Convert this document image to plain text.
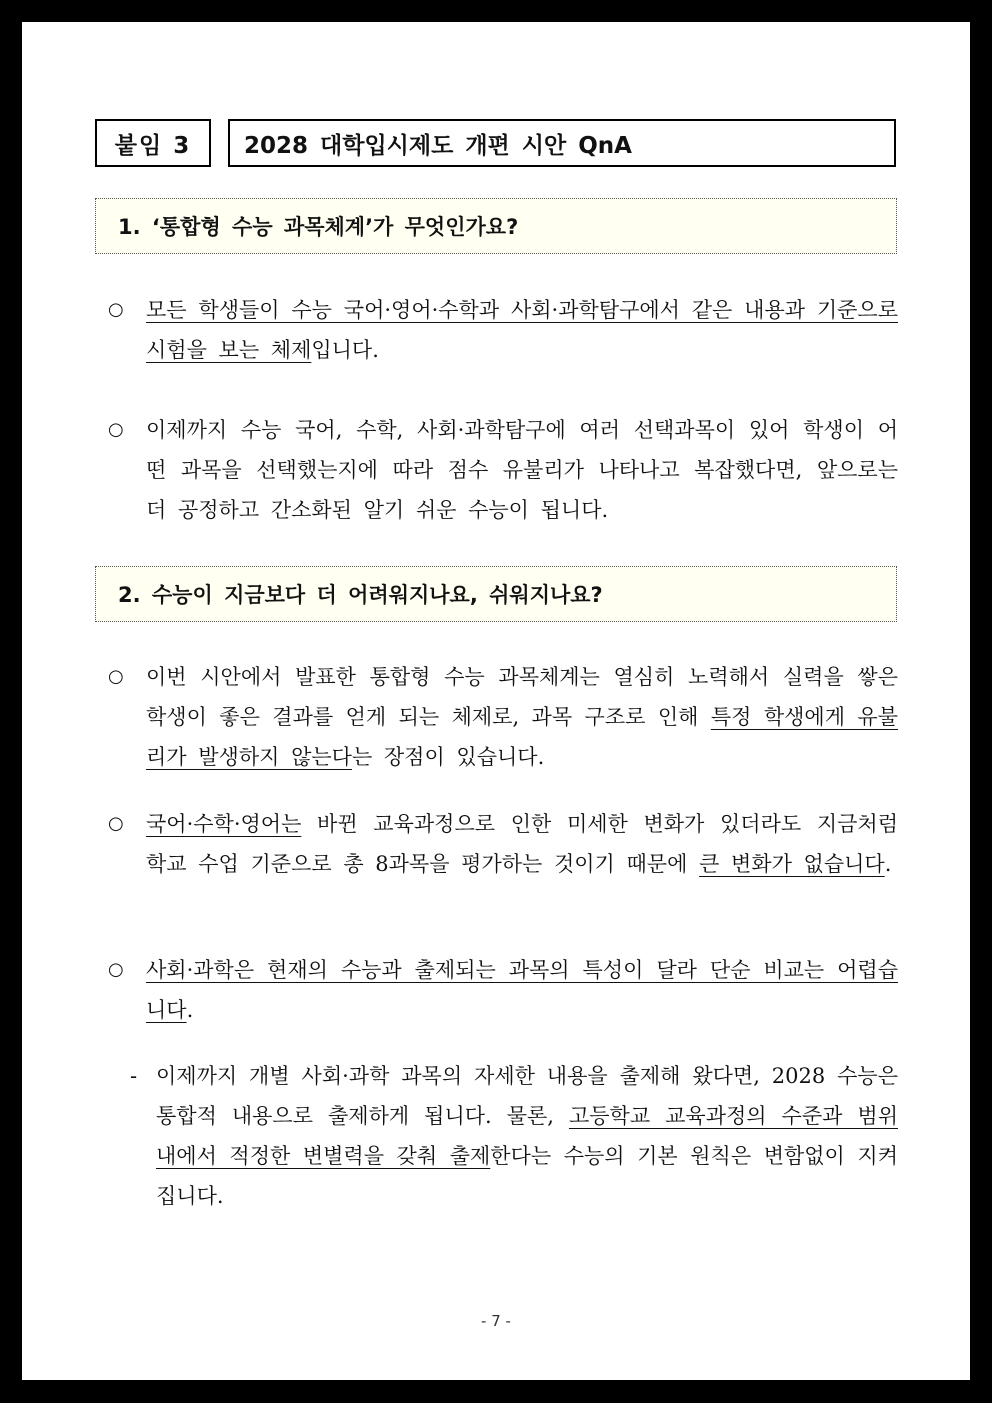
붙임 3	2028 대학입시제도 개편 시안 QnA
1. ‘통합형 수능 과목체계’가 무엇인가요?
○ 모든 학생들이 수능 국어·영어·수학과 사회·과학탐구에서 같은 내용과 기준으로 시험을 보는 체제입니다.
○ 이제까지 수능 국어, 수학, 사회·과학탐구에 여러 선택과목이 있어 학생이 어떤 과목을 선택했는지에 따라 점수 유불리가 나타나고 복잡했다면, 앞으로는 더 공정하고 간소화된 알기 쉬운 수능이 됩니다.
2. 수능이 지금보다 더 어려워지나요, 쉬워지나요?
○ 이번 시안에서 발표한 통합형 수능 과목체계는 열심히 노력해서 실력을 쌓은 학생이 좋은 결과를 얻게 되는 체제로, 과목 구조로 인해 특정 학생에게 유불리가 발생하지 않는다는 장점이 있습니다.
○ 국어·수학·영어는 바뀐 교육과정으로 인한 미세한 변화가 있더라도 지금처럼 학교 수업 기준으로 총 8과목을 평가하는 것이기 때문에 큰 변화가 없습니다.
○ 사회·과학은 현재의 수능과 출제되는 과목의 특성이 달라 단순 비교는 어렵습니다.
- 이제까지 개별 사회·과학 과목의 자세한 내용을 출제해 왔다면, 2028 수능은 통합적 내용으로 출제하게 됩니다. 물론, 고등학교 교육과정의 수준과 범위 내에서 적정한 변별력을 갖춰 출제한다는 수능의 기본 원칙은 변함없이 지켜집니다.
- 7 -
